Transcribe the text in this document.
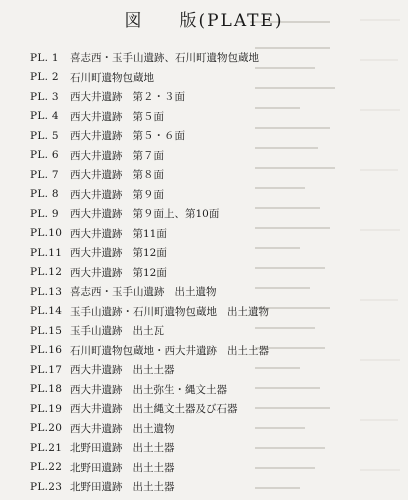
図 版(PLATE)
PL. 1	喜志西・玉手山遺跡、石川町遺物包蔵地
PL. 2	石川町遺物包蔵地
PL. 3	西大井遺跡 第２・３面
PL. 4	西大井遺跡 第５面
PL. 5	西大井遺跡 第５・６面
PL. 6	西大井遺跡 第７面
PL. 7	西大井遺跡 第８面
PL. 8	西大井遺跡 第９面
PL. 9	西大井遺跡 第９面上、第10面
PL.10 西大井遺跡 第11面
PL.11 西大井遺跡 第12面
PL.12 西大井遺跡 第12面
PL.13 喜志西・玉手山遺跡 出土遺物
PL.14 玉手山遺跡・石川町遺物包蔵地 出土遺物
PL.15 玉手山遺跡 出土瓦
PL.16 石川町遺物包蔵地・西大井遺跡 出土土器
PL.17 西大井遺跡 出土土器
PL.18 西大井遺跡 出土弥生・縄文土器
PL.19 西大井遺跡 出土縄文土器及び石器
PL.20 西大井遺跡 出土遺物
PL.21 北野田遺跡 出土土器
PL.22 北野田遺跡 出土土器
PL.23 北野田遺跡 出土土器
